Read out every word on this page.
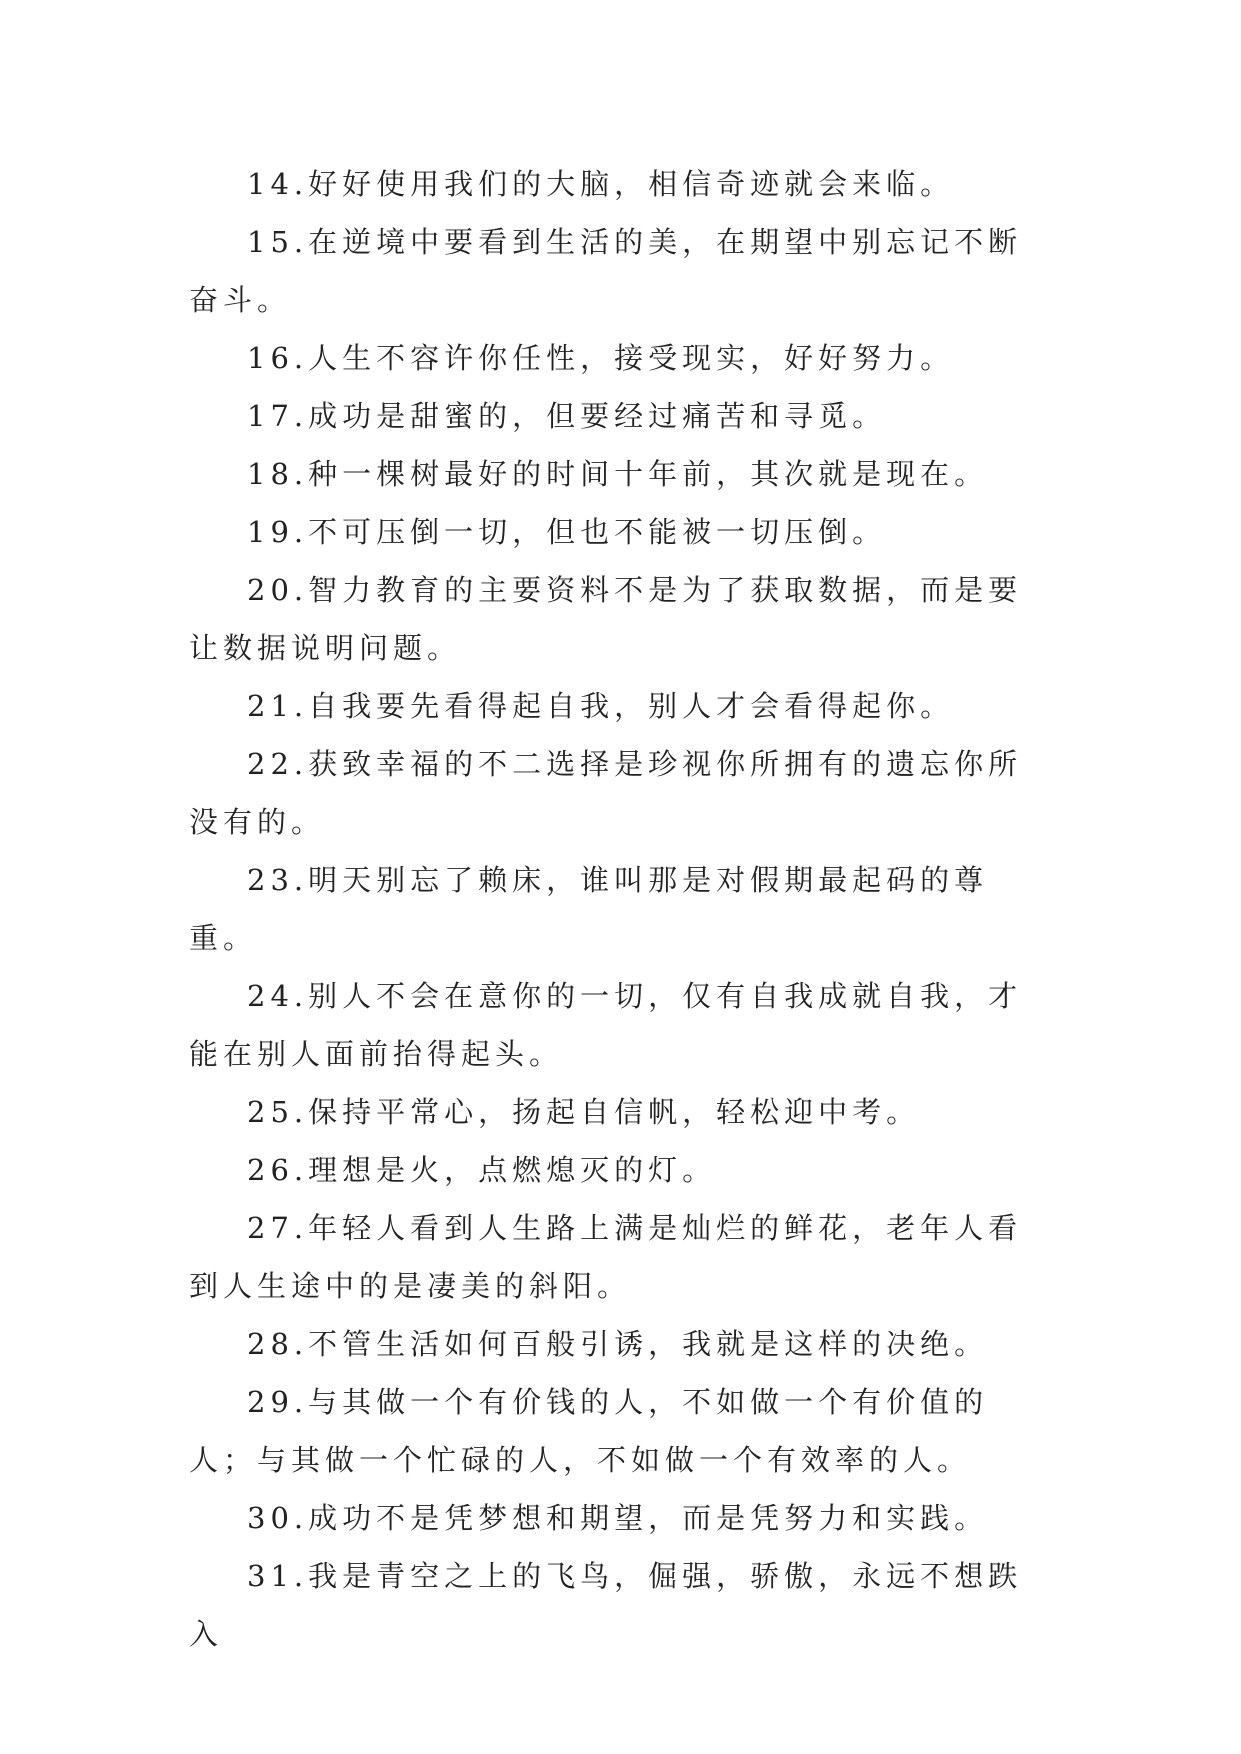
14.好好使用我们的大脑，相信奇迹就会来临。

15.在逆境中要看到生活的美，在期望中别忘记不断奋斗。

16.人生不容许你任性，接受现实，好好努力。

17.成功是甜蜜的，但要经过痛苦和寻觅。

18.种一棵树最好的时间十年前，其次就是现在。

19.不可压倒一切，但也不能被一切压倒。

20.智力教育的主要资料不是为了获取数据，而是要让数据说明问题。

21.自我要先看得起自我，别人才会看得起你。

22.获致幸福的不二选择是珍视你所拥有的遗忘你所没有的。

23.明天别忘了赖床，谁叫那是对假期最起码的尊重。

24.别人不会在意你的一切，仅有自我成就自我，才能在别人面前抬得起头。

25.保持平常心，扬起自信帆，轻松迎中考。

26.理想是火，点燃熄灭的灯。

27.年轻人看到人生路上满是灿烂的鲜花，老年人看到人生途中的是凄美的斜阳。

28.不管生活如何百般引诱，我就是这样的决绝。

29.与其做一个有价钱的人，不如做一个有价值的人；与其做一个忙碌的人，不如做一个有效率的人。

30.成功不是凭梦想和期望，而是凭努力和实践。

31.我是青空之上的飞鸟，倔强，骄傲，永远不想跌入
